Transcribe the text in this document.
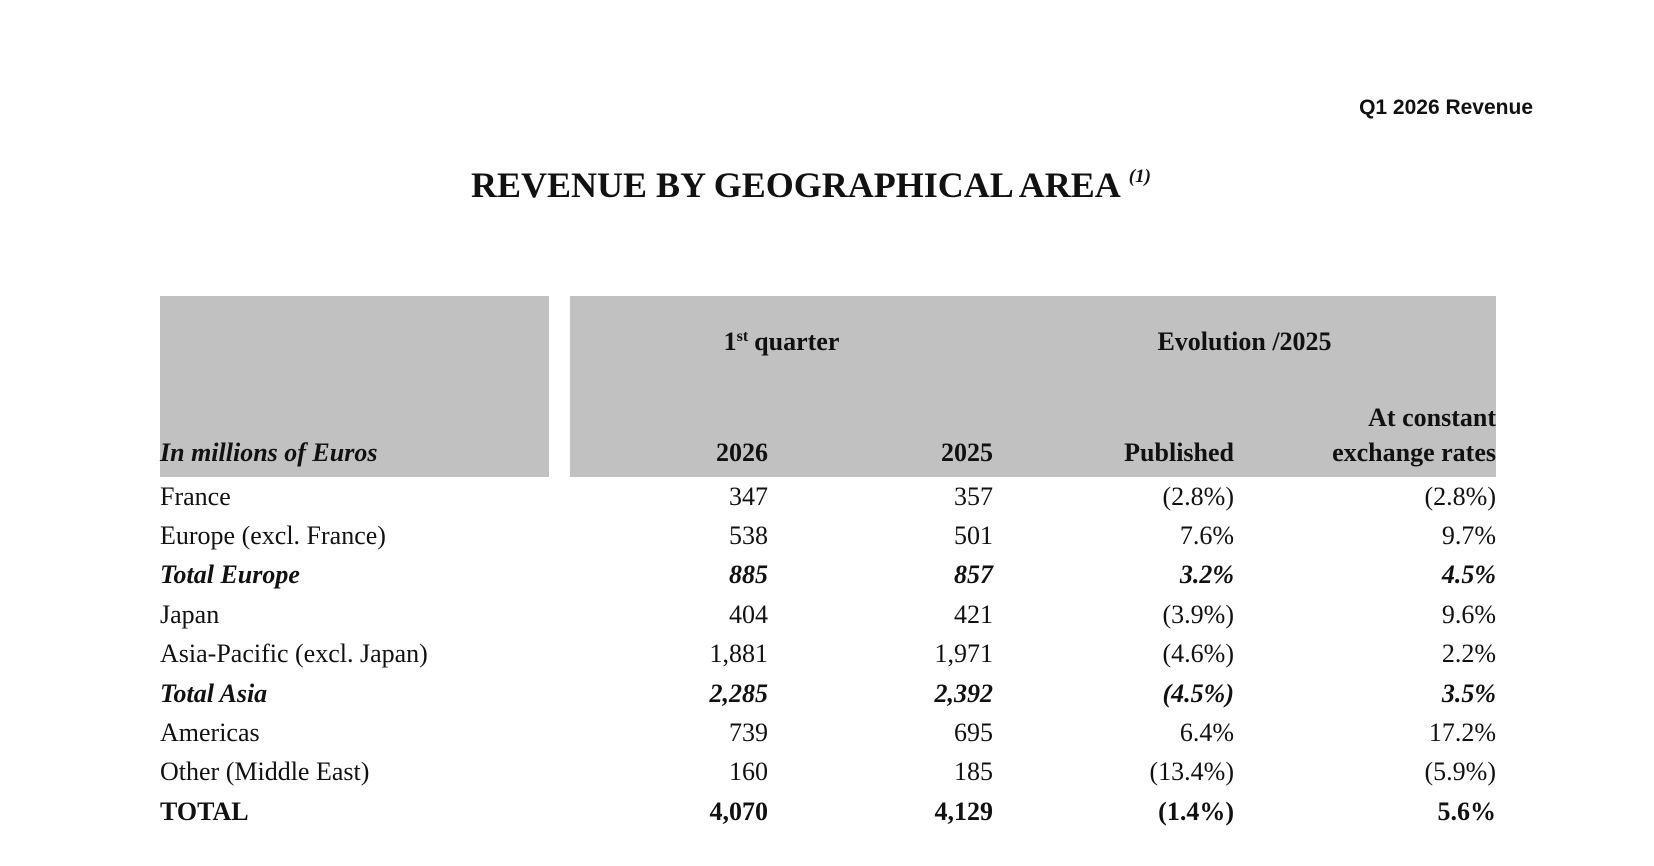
Q1 2026 Revenue
REVENUE BY GEOGRAPHICAL AREA $^{(1)}$
		1st quarter		Evolution /2025	
In millions of Euros		2026	2025	Published	At constant
exchange rates

France		347	357	(2.8%)	(2.8%)
Europe (excl. France)		538	501	7.6%	9.7%
Total Europe		885	857	3.2%	4.5%
Japan		404	421	(3.9%)	9.6%
Asia-Pacific (excl. Japan)		1,881	1,971	(4.6%)	2.2%
Total Asia		2,285	2,392	(4.5%)	3.5%
Americas		739	695	6.4%	17.2%
Other (Middle East)		160	185	(13.4%)	(5.9%)
TOTAL		4,070	4,129	(1.4%)	5.6%
